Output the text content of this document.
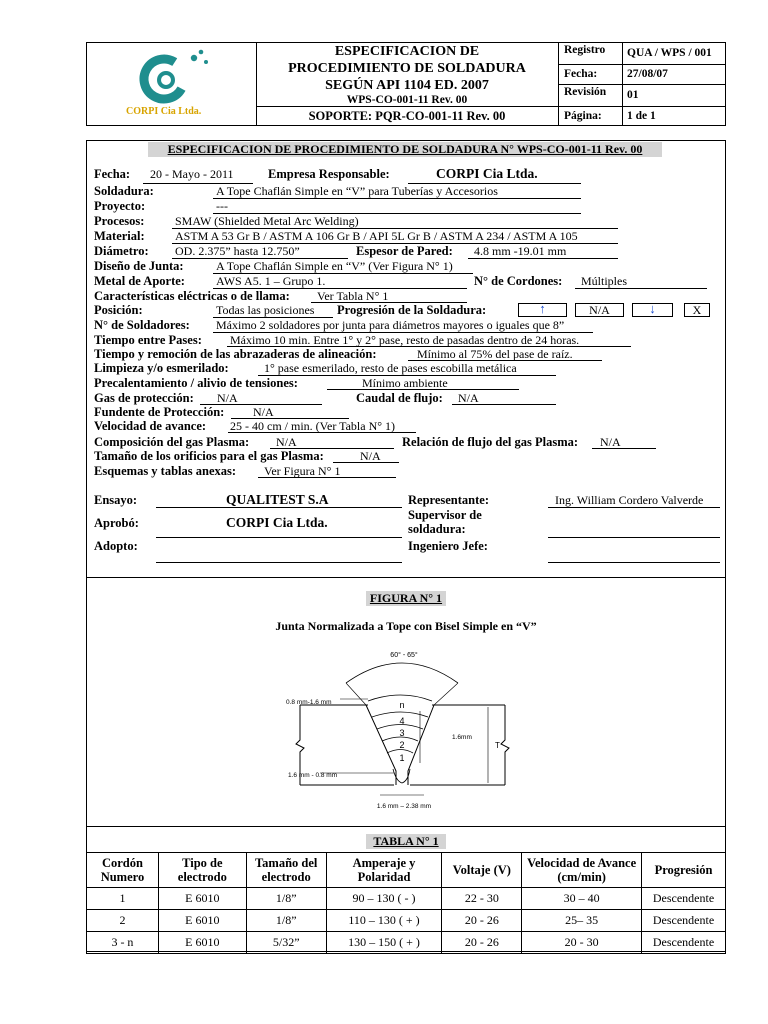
CORPI Cia Ltda.
ESPECIFICACION DE
PROCEDIMIENTO DE SOLDADURA
SEGÚN API 1104 ED. 2007
WPS-CO-001-11 Rev. 00
SOPORTE: PQR-CO-001-11 Rev. 00
Registro QUA / WPS / 001
Fecha:	27/08/07
Revisión 01
Página: 1 de 1
ESPECIFICACION DE PROCEDIMIENTO DE SOLDADURA N° WPS-CO-001-11 Rev. 00
Fecha: 20 - Mayo - 2011	Empresa Responsable:	CORPI Cia Ltda.
Soldadura:	A Tope Chaflán Simple en “V” para Tuberías y Accesorios
Proyecto:	---
Procesos:	SMAW (Shielded Metal Arc Welding)
Material:	ASTM A 53 Gr B / ASTM A 106 Gr B / API 5L Gr B / ASTM A 234 / ASTM A 105
Diámetro: OD. 2.375” hasta 12.750”	Espesor de Pared: 4.8 mm -19.01 mm
Diseño de Junta:	A Tope Chaflán Simple en “V” (Ver Figura N° 1)
Metal de Aporte:	AWS A5. 1 – Grupo 1.	N° de Cordones: Múltiples
Características eléctricas o de llama: Ver Tabla N° 1
Posición:	Todas las posiciones Progresión de la Soldadura:	↑	N/A	↓	X
N° de Soldadores: Máximo 2 soldadores por junta para diámetros mayores o iguales que 8”
Tiempo entre Pases: Máximo 10 min. Entre 1° y 2° pase, resto de pasadas dentro de 24 horas.
Tiempo y remoción de las abrazaderas de alineación:	Mínimo al 75% del pase de raíz.
Limpieza y/o esmerilado:	1° pase esmerilado, resto de pases escobilla metálica
Precalentamiento / alivio de tensiones:	Mínimo ambiente
Gas de protección: N/A	Caudal de flujo: N/A
Fundente de Protección: N/A
Velocidad de avance: 25 - 40 cm / min. (Ver Tabla N° 1)
Composición del gas Plasma: N/A	Relación de flujo del gas Plasma: N/A
Tamaño de los orificios para el gas Plasma:	N/A
Esquemas y tablas anexas: Ver Figura N° 1
Ensayo:	QUALITEST S.A
Aprobó:	CORPI Cia Ltda.
Adopto:
Representante:	Ing. William Cordero Valverde
Supervisor de
soldadura:
Ingeniero Jefe:
FIGURA N° 1
Junta Normalizada a Tope con Bisel Simple en “V”
n
4
3
2
1
60° - 65°
0.8 mm-1.6 mm
1.6mm
T
1.6 mm - 0.8 mm
1.6 mm – 2.38 mm
TABLA N° 1
Cordón Numero	Tipo de electrodo	Tamaño del electrodo	Amperaje y Polaridad	Voltaje (V)	Velocidad de Avance (cm/min)	Progresión
1	E 6010	1/8”	90 – 130 ( - )	22 - 30	30 – 40	Descendente
2	E 6010	1/8”	110 – 130 ( + )	20 - 26	25– 35	Descendente
3 - n	E 6010	5/32”	130 – 150 ( + )	20 - 26	20 - 30	Descendente
